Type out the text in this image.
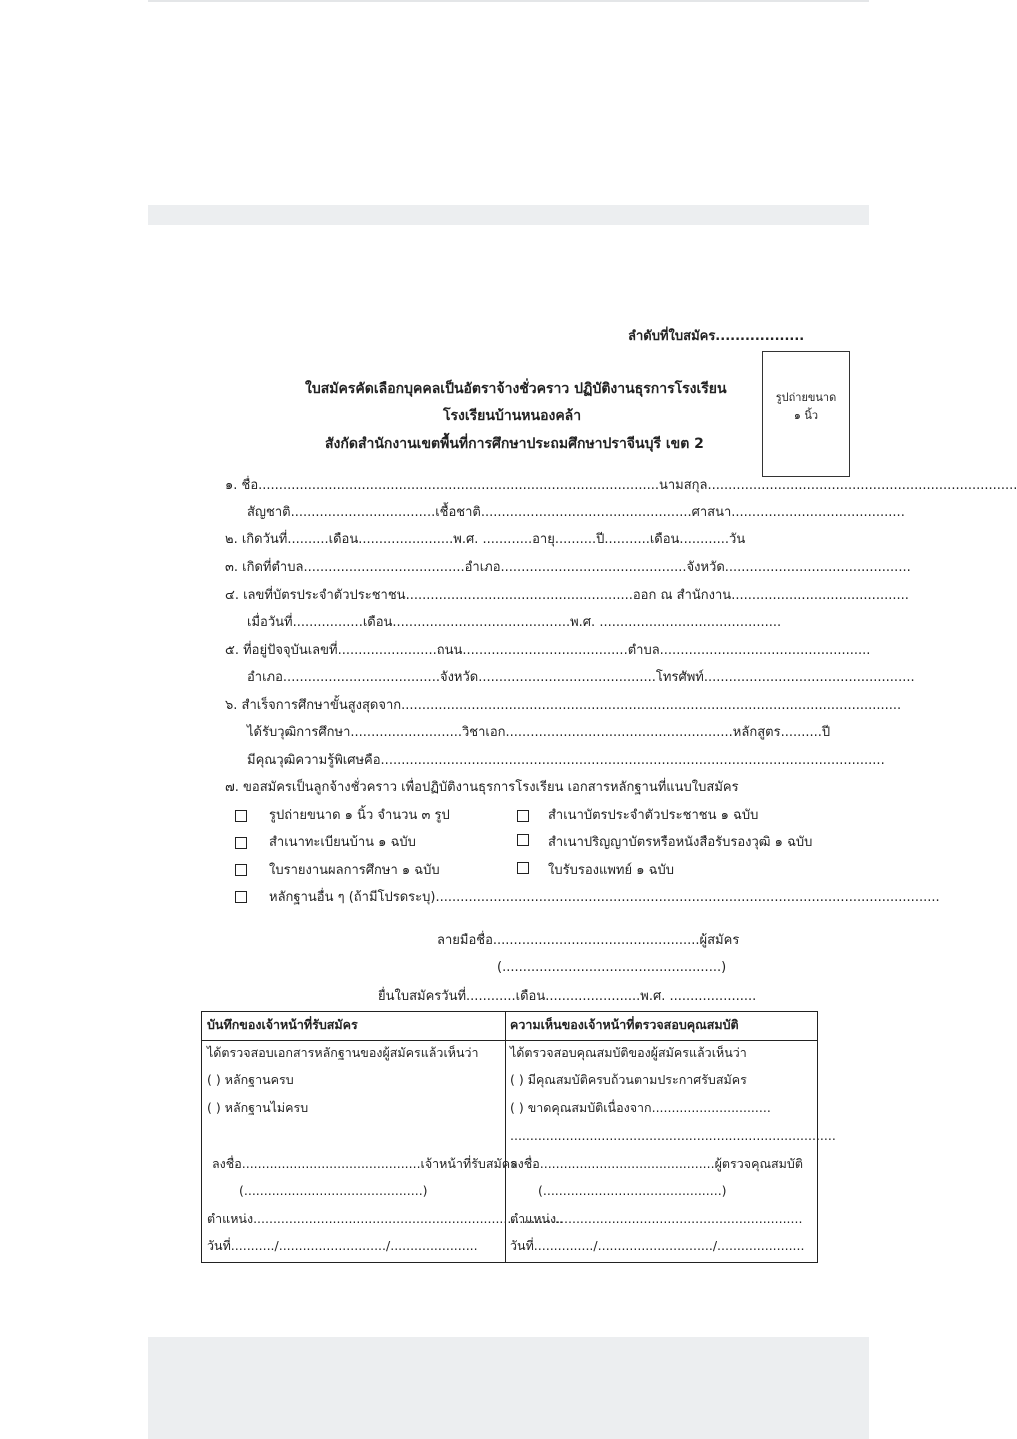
ลำดับที่ใบสมัคร..................
รูปถ่ายขนาด
๑ นิ้ว
ใบสมัครคัดเลือกบุคคลเป็นอัตราจ้างชั่วคราว ปฏิบัติงานธุรการโรงเรียน
โรงเรียนบ้านหนองคล้า
สังกัดสำนักงานเขตพื้นที่การศึกษาประถมศึกษาปราจีนบุรี เขต 2
๑. ชื่อ.................................................................................................นามสกุล...........................................................................
สัญชาติ...................................เชื้อชาติ...................................................ศาสนา..........................................
๒. เกิดวันที่..........เดือน.......................พ.ศ. ............อายุ..........ปี...........เดือน............วัน
๓. เกิดที่ตำบล.......................................อำเภอ.............................................จังหวัด.............................................
๔. เลขที่บัตรประจำตัวประชาชน.......................................................ออก ณ สำนักงาน...........................................
เมื่อวันที่.................เดือน...........................................พ.ศ. ............................................
๕. ที่อยู่ปัจจุบันเลขที่........................ถนน........................................ตำบล...................................................
อำเภอ......................................จังหวัด...........................................โทรศัพท์...................................................
๖. สำเร็จการศึกษาขั้นสูงสุดจาก.........................................................................................................................
ได้รับวุฒิการศึกษา...........................วิชาเอก.......................................................หลักสูตร..........ปี
มีคุณวุฒิความรู้พิเศษคือ..........................................................................................................................
๗. ขอสมัครเป็นลูกจ้างชั่วคราว เพื่อปฏิบัติงานธุรการโรงเรียน เอกสารหลักฐานที่แนบใบสมัคร
รูปถ่ายขนาด ๑ นิ้ว จำนวน ๓ รูป	สำเนาบัตรประจำตัวประชาชน ๑ ฉบับ
สำเนาทะเบียนบ้าน ๑ ฉบับ	สำเนาปริญญาบัตรหรือหนังสือรับรองวุฒิ ๑ ฉบับ
ใบรายงานผลการศึกษา ๑ ฉบับ	ใบรับรองแพทย์ ๑ ฉบับ
หลักฐานอื่น ๆ (ถ้ามีโปรดระบุ)..........................................................................................................................
ลายมือชื่อ..................................................ผู้สมัคร
(.....................................................)
ยื่นใบสมัครวันที่............เดือน.......................พ.ศ. .....................
บันทึกของเจ้าหน้าที่รับสมัคร
ได้ตรวจสอบเอกสารหลักฐานของผู้สมัครแล้วเห็นว่า
( ) หลักฐานครบ
( ) หลักฐานไม่ครบ
ลงชื่อ.............................................เจ้าหน้าที่รับสมัคร
(.............................................)
ตำแหน่ง..............................................................................
วันที่.........../.........................../......................
ความเห็นของเจ้าหน้าที่ตรวจสอบคุณสมบัติ
ได้ตรวจสอบคุณสมบัติของผู้สมัครแล้วเห็นว่า
( ) มีคุณสมบัติครบถ้วนตามประกาศรับสมัคร
( ) ขาดคุณสมบัติเนื่องจาก..............................
..................................................................................
ลงชื่อ............................................ผู้ตรวจคุณสมบัติ
(.............................................)
ตำแหน่ง..............................................................
วันที่.............../............................./......................
